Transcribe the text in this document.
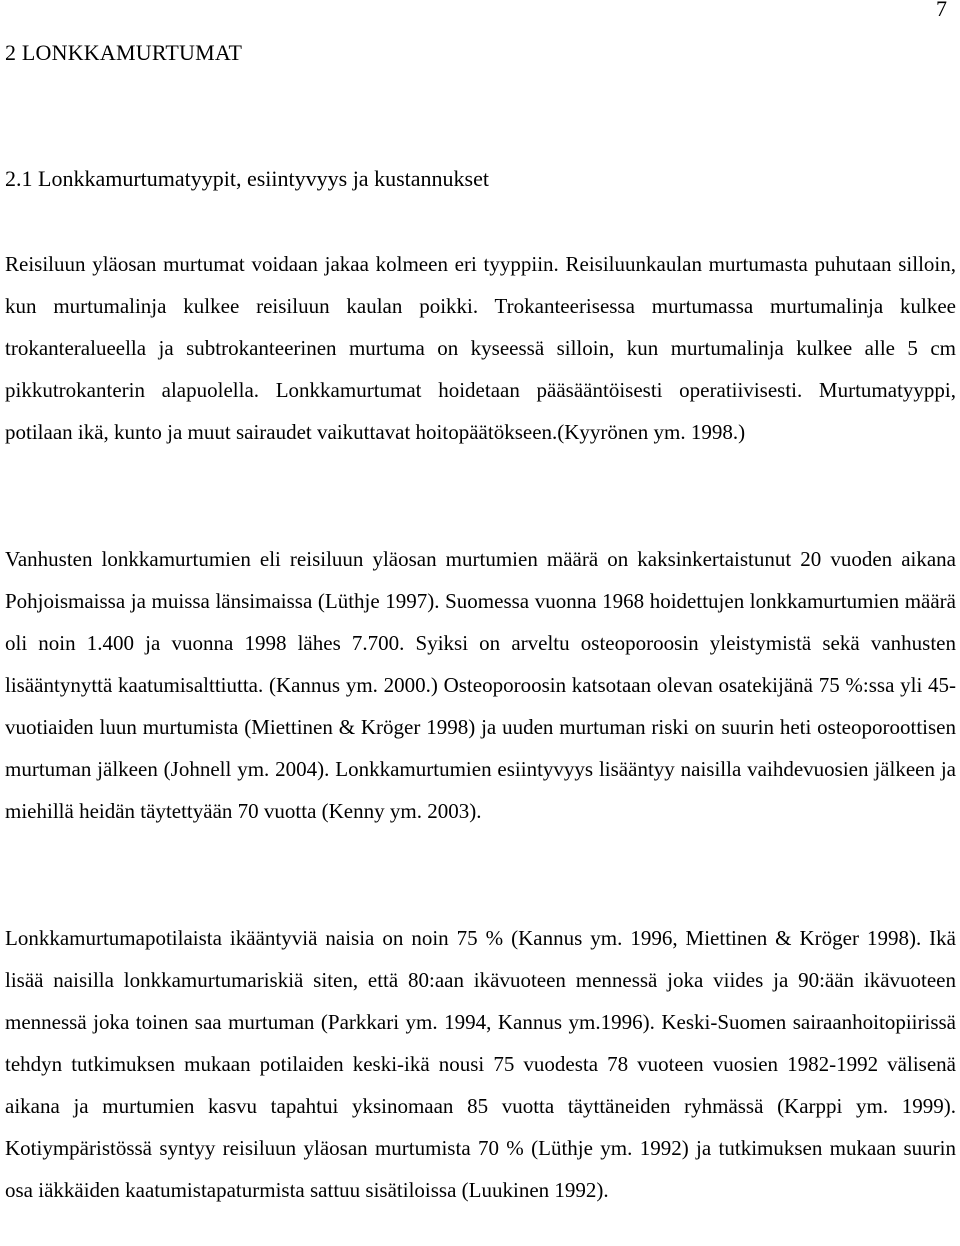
7
2 LONKKAMURTUMAT
2.1 Lonkkamurtumatyypit, esiintyvyys ja kustannukset

Reisiluun yläosan murtumat voidaan jakaa kolmeen eri tyyppiin. Reisiluunkaulan murtumasta puhutaan silloin, kun murtumalinja kulkee reisiluun kaulan poikki. Trokanteerisessa murtumassa murtumalinja kulkee trokanteralueella ja subtrokanteerinen murtuma on kyseessä silloin, kun murtumalinja kulkee alle 5 cm pikkutrokanterin alapuolella. Lonkkamurtumat hoidetaan pääsääntöisesti operatiivisesti. Murtumatyyppi, potilaan ikä, kunto ja muut sairaudet vaikuttavat hoitopäätökseen.(Kyyrönen ym. 1998.)

Vanhusten lonkkamurtumien eli reisiluun yläosan murtumien määrä on kaksinkertaistunut 20 vuoden aikana Pohjoismaissa ja muissa länsimaissa (Lüthje 1997). Suomessa vuonna 1968 hoidettujen lonkkamurtumien määrä oli noin 1.400 ja vuonna 1998 lähes 7.700. Syiksi on arveltu osteoporoosin yleistymistä sekä vanhusten lisääntynyttä kaatumisalttiutta. (Kannus ym. 2000.) Osteoporoosin katsotaan olevan osatekijänä 75 %:ssa yli 45-vuotiaiden luun murtumista (Miettinen & Kröger 1998) ja uuden murtuman riski on suurin heti osteoporoottisen murtuman jälkeen (Johnell ym. 2004). Lonkkamurtumien esiintyvyys lisääntyy naisilla vaihdevuosien jälkeen ja miehillä heidän täytettyään 70 vuotta (Kenny ym. 2003).

Lonkkamurtumapotilaista ikääntyviä naisia on noin 75 % (Kannus ym. 1996, Miettinen & Kröger 1998). Ikä lisää naisilla lonkkamurtumariskiä siten, että 80:aan ikävuoteen mennessä joka viides ja 90:ään ikävuoteen mennessä joka toinen saa murtuman (Parkkari ym. 1994, Kannus ym.1996). Keski-Suomen sairaanhoitopiirissä tehdyn tutkimuksen mukaan potilaiden keski-ikä nousi 75 vuodesta 78 vuoteen vuosien 1982-1992 välisenä aikana ja murtumien kasvu tapahtui yksinomaan 85 vuotta täyttäneiden ryhmässä (Karppi ym. 1999). Kotiympäristössä syntyy reisiluun yläosan murtumista 70 % (Lüthje ym. 1992) ja tutkimuksen mukaan suurin osa iäkkäiden kaatumistapaturmista sattuu sisätiloissa (Luukinen 1992).
